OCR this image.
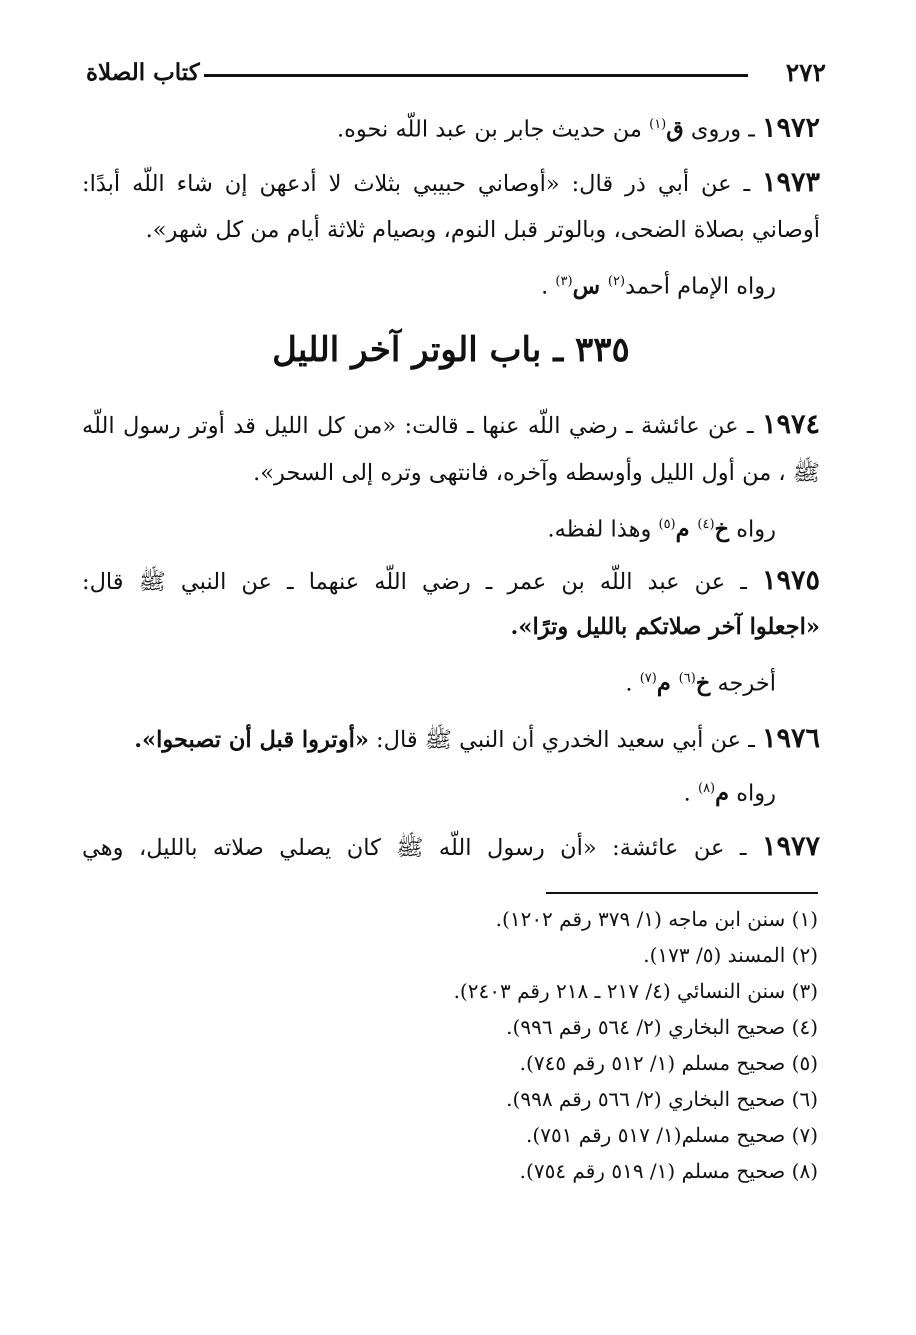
٢٧٢
كتاب الصلاة
١٩٧٢ ـ وروى ق$^{(١)}$ من حديث جابر بن عبد اللّه نحوه.
١٩٧٣ ـ عن أبي ذر قال: «أوصاني حبيبي بثلاث لا أدعهن إن شاء اللّه أبدًا:
أوصاني بصلاة الضحى، وبالوتر قبل النوم، وبصيام ثلاثة أيام من كل شهر».
رواه الإمام أحمد$^{(٢)}$ س$^{(٣)}$ .
٣٣٥ ـ باب الوتر آخر الليل
١٩٧٤ ـ عن عائشة ـ رضي اللّه عنها ـ قالت: «من كل الليل قد أوتر رسول اللّه
ﷺ ، من أول الليل وأوسطه وآخره، فانتهى وتره إلى السحر».
رواه خ$^{(٤)}$ م$^{(٥)}$ وهذا لفظه.
١٩٧٥ ـ عن عبد اللّه بن عمر ـ رضي اللّه عنهما ـ عن النبي ﷺ قال:
«اجعلوا آخر صلاتكم بالليل وترًا».
أخرجه خ$^{(٦)}$ م$^{(٧)}$ .
١٩٧٦ ـ عن أبي سعيد الخدري أن النبي ﷺ قال: «أوتروا قبل أن تصبحوا».
رواه م$^{(٨)}$ .
١٩٧٧ ـ عن عائشة: «أن رسول اللّه ﷺ كان يصلي صلاته بالليل، وهي
(١) سنن ابن ماجه (١/ ٣٧٩ رقم ١٢٠٢).
(٢) المسند (٥/ ١٧٣).
(٣) سنن النسائي (٤/ ٢١٧ ـ ٢١٨ رقم ٢٤٠٣).
(٤) صحيح البخاري (٢/ ٥٦٤ رقم ٩٩٦).
(٥) صحيح مسلم (١/ ٥١٢ رقم ٧٤٥).
(٦) صحيح البخاري (٢/ ٥٦٦ رقم ٩٩٨).
(٧) صحيح مسلم(١/ ٥١٧ رقم ٧٥١).
(٨) صحيح مسلم (١/ ٥١٩ رقم ٧٥٤).
